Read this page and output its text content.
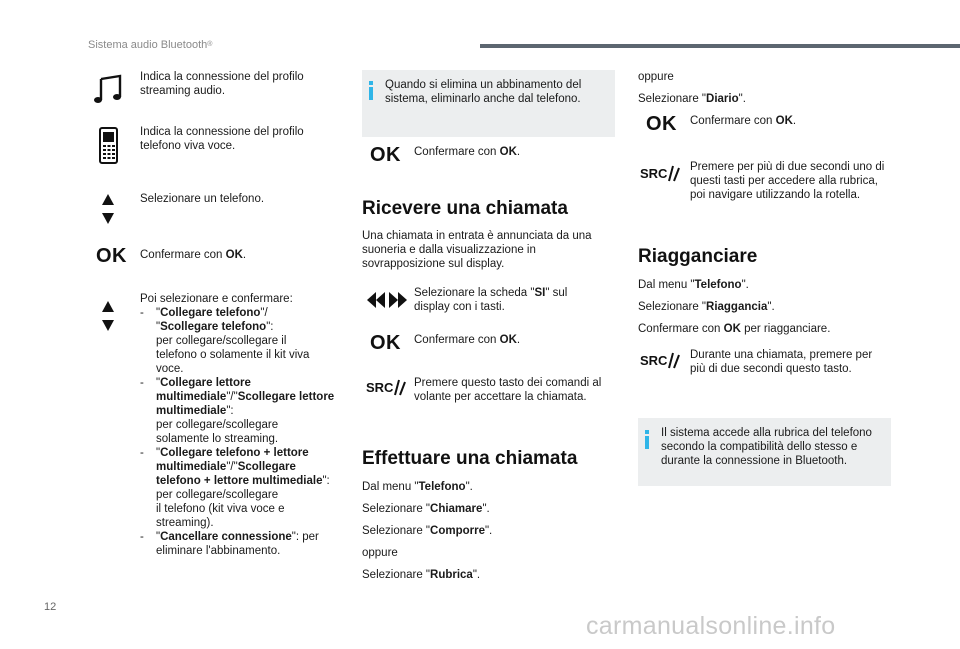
Sistema audio Bluetooth®
Indica la connessione del profilo streaming audio.
Indica la connessione del profilo telefono viva voce.
Selezionare un telefono.
OK Confermare con OK.
Poi selezionare e confermare:
-	"Collegare telefono"/
"Scollegare telefono":
per collegare/scollegare il
telefono o solamente il kit viva
voce.
-	"Collegare lettore multimediale"/"Scollegare lettore multimediale":
per collegare/scollegare
solamente lo streaming.
-	"Collegare telefono + lettore multimediale"/"Scollegare telefono + lettore multimediale":
per collegare/scollegare
il telefono (kit viva voce e
streaming).
-	"Cancellare connessione": per
eliminare l'abbinamento.
Quando si elimina un abbinamento del sistema, eliminarlo anche dal telefono.
OK Confermare con OK.
Ricevere una chiamata
Una chiamata in entrata è annunciata da una suoneria e dalla visualizzazione in sovrapposizione sul display.
Selezionare la scheda "SI" sul display con i tasti.
OK Confermare con OK.
SRC Premere questo tasto dei comandi al volante per accettare la chiamata.
Effettuare una chiamata
Dal menu "Telefono".
Selezionare "Chiamare".
Selezionare "Comporre".
oppure
Selezionare "Rubrica".
oppure
Selezionare "Diario".
OK Confermare con OK.
SRC Premere per più di due secondi uno di questi tasti per accedere alla rubrica, poi navigare utilizzando la rotella.
Riagganciare
Dal menu "Telefono".
Selezionare "Riaggancia".
Confermare con OK per riagganciare.
SRC Durante una chiamata, premere per più di due secondi questo tasto.
Il sistema accede alla rubrica del telefono secondo la compatibilità dello stesso e durante la connessione in Bluetooth.
12
carmanualsonline.info
